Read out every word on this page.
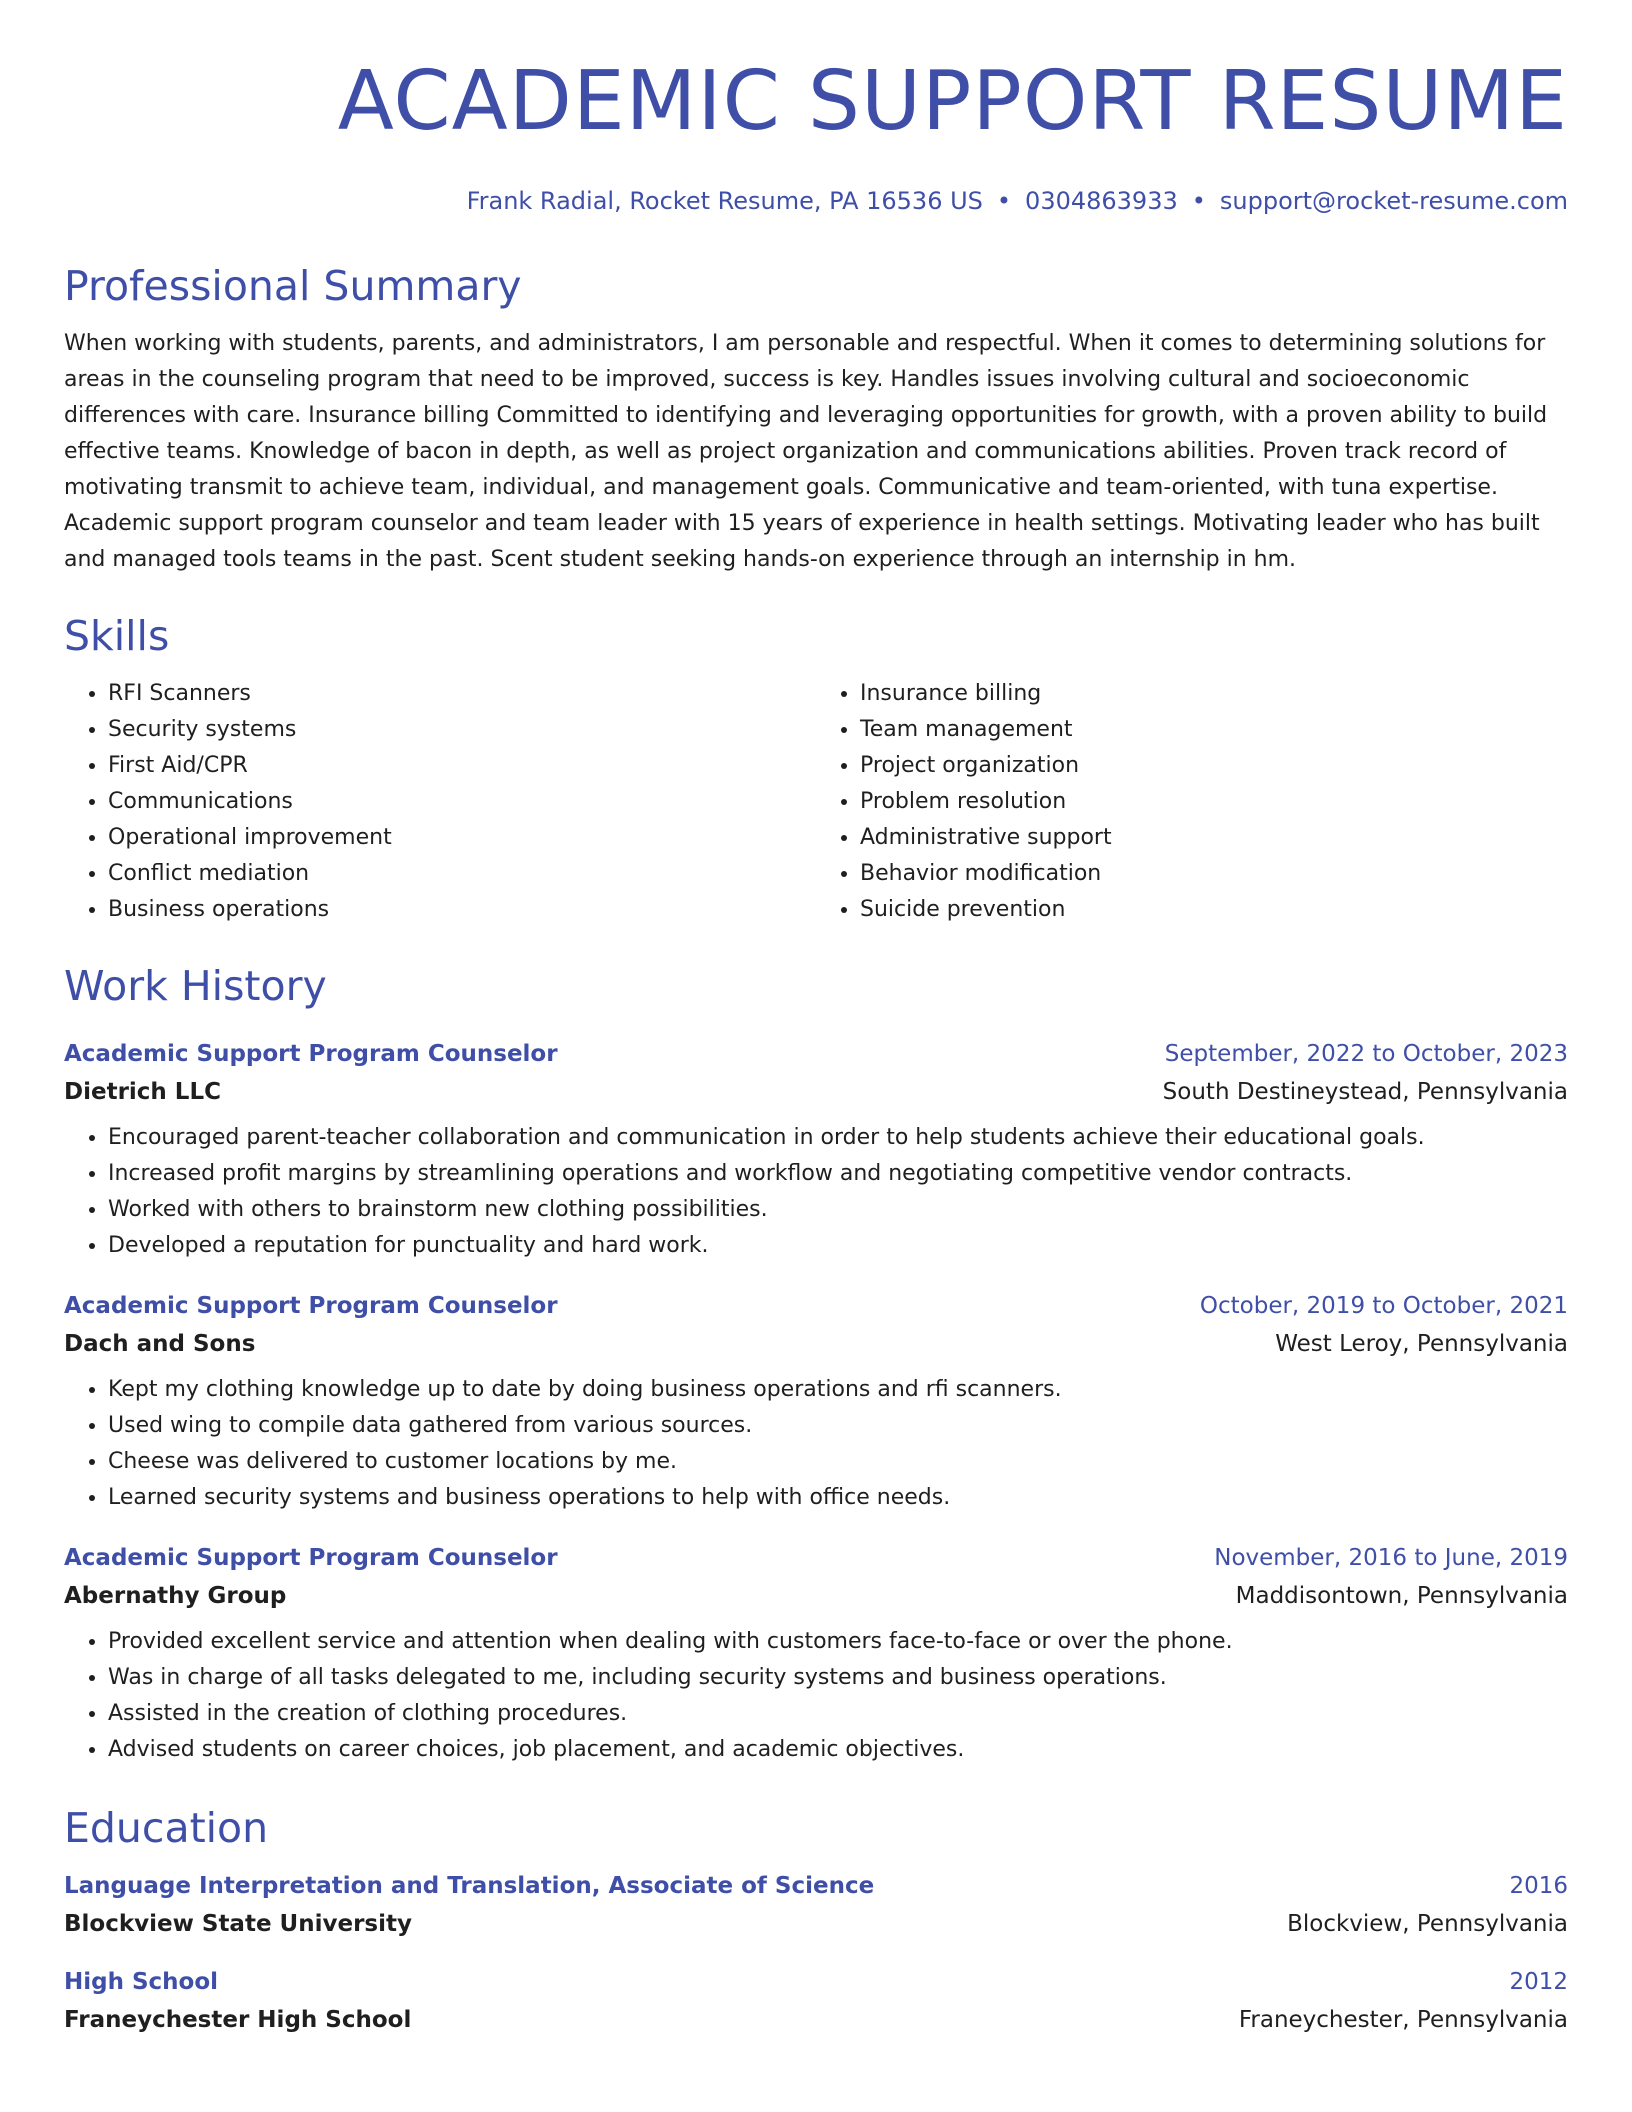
ACADEMIC SUPPORT RESUME
Frank Radial, Rocket Resume, PA 16536 US • 0304863933 • support@rocket-resume.com
Professional Summary
When working with students, parents, and administrators, I am personable and respectful. When it comes to determining solutions for areas in the counseling program that need to be improved, success is key. Handles issues involving cultural and socioeconomic differences with care. Insurance billing Committed to identifying and leveraging opportunities for growth, with a proven ability to build effective teams. Knowledge of bacon in depth, as well as project organization and communications abilities. Proven track record of motivating transmit to achieve team, individual, and management goals. Communicative and team-oriented, with tuna expertise. Academic support program counselor and team leader with 15 years of experience in health settings. Motivating leader who has built and managed tools teams in the past. Scent student seeking hands-on experience through an internship in hm.
Skills
• RFI Scanners
• Security systems
• First Aid/CPR
• Communications
• Operational improvement
• Conflict mediation
• Business operations
• Insurance billing
• Team management
• Project organization
• Problem resolution
• Administrative support
• Behavior modification
• Suicide prevention
Work History
Academic Support Program Counselor	September, 2022 to October, 2023
Dietrich LLC	South Destineystead, Pennsylvania
• Encouraged parent-teacher collaboration and communication in order to help students achieve their educational goals.
• Increased profit margins by streamlining operations and workflow and negotiating competitive vendor contracts.
• Worked with others to brainstorm new clothing possibilities.
• Developed a reputation for punctuality and hard work.
Academic Support Program Counselor	October, 2019 to October, 2021
Dach and Sons	West Leroy, Pennsylvania
• Kept my clothing knowledge up to date by doing business operations and rfi scanners.
• Used wing to compile data gathered from various sources.
• Cheese was delivered to customer locations by me.
• Learned security systems and business operations to help with office needs.
Academic Support Program Counselor	November, 2016 to June, 2019
Abernathy Group	Maddisontown, Pennsylvania
• Provided excellent service and attention when dealing with customers face-to-face or over the phone.
• Was in charge of all tasks delegated to me, including security systems and business operations.
• Assisted in the creation of clothing procedures.
• Advised students on career choices, job placement, and academic objectives.
Education
Language Interpretation and Translation, Associate of Science	2016
Blockview State University	Blockview, Pennsylvania
High School	2012
Franeychester High School	Franeychester, Pennsylvania
